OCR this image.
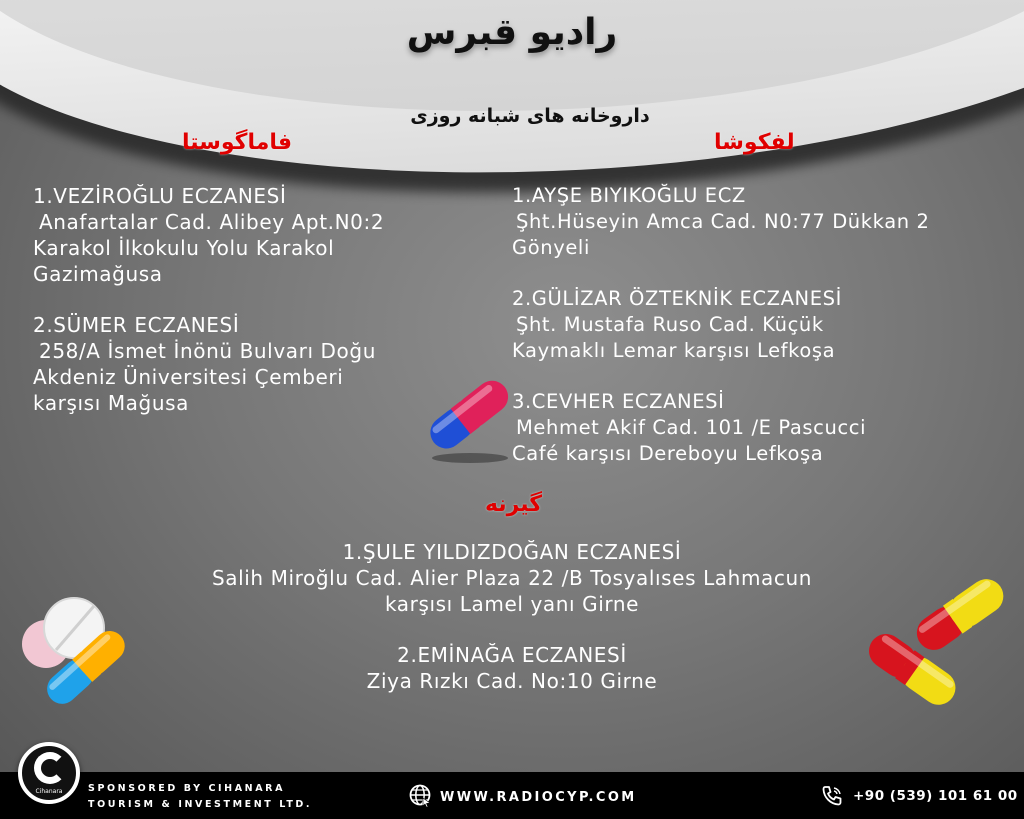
رادیو قبرس
داروخانه های شبانه روزی
فاماگوستا	لفکوشا
1.VEZİROĞLU ECZANESİ
Anafartalar Cad. Alibey Apt.N0:2
Karakol İlkokulu Yolu Karakol
Gazimağusa
2.SÜMER ECZANESİ
258/A İsmet İnönü Bulvarı Doğu
Akdeniz Üniversitesi Çemberi
karşısı Mağusa
1.AYŞE BIYIKOĞLU ECZ
Şht.Hüseyin Amca Cad. N0:77 Dükkan 2
Gönyeli
2.GÜLİZAR ÖZTEKNİK ECZANESİ
Şht. Mustafa Ruso Cad. Küçük
Kaymaklı Lemar karşısı Lefkoşa
3.CEVHER ECZANESİ
Mehmet Akif Cad. 101 /E Pascucci
Café karşısı Dereboyu Lefkoşa
گیرنه
1.ŞULE YILDIZDOĞAN ECZANESİ
Salih Miroğlu Cad. Alier Plaza 22 /B Tosyalıses Lahmacun
karşısı Lamel yanı Girne
2.EMİNAĞA ECZANESİ
Ziya Rızkı Cad. No:10 Girne
Cihanara	SPONSORED BY CIHANARA
TOURISM & INVESTMENT LTD.	WWW.RADIOCYP.COM	+90 (539) 101 61 00
